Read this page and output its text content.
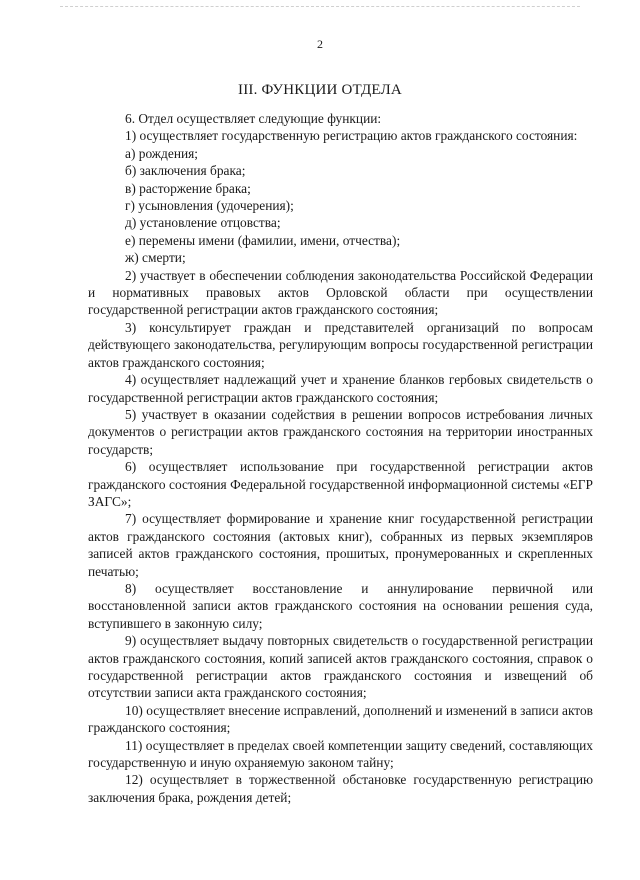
2
III. ФУНКЦИИ ОТДЕЛА

6. Отдел осуществляет следующие функции:

1) осуществляет государственную регистрацию актов гражданского состояния:

а) рождения;

б) заключения брака;

в) расторжение брака;

г) усыновления (удочерения);

д) установление отцовства;

е) перемены имени (фамилии, имени, отчества);

ж) смерти;

2) участвует в обеспечении соблюдения законодательства Российской Федерации и нормативных правовых актов Орловской области при осуществлении государственной регистрации актов гражданского состояния;

3) консультирует граждан и представителей организаций по вопросам действующего законодательства, регулирующим вопросы государственной регистрации актов гражданского состояния;

4) осуществляет надлежащий учет и хранение бланков гербовых свидетельств о государственной регистрации актов гражданского состояния;

5) участвует в оказании содействия в решении вопросов истребования личных документов о регистрации актов гражданского состояния на территории иностранных государств;

6) осуществляет использование при государственной регистрации актов гражданского состояния Федеральной государственной информационной системы «ЕГР ЗАГС»;

7) осуществляет формирование и хранение книг государственной регистрации актов гражданского состояния (актовых книг), собранных из первых экземпляров записей актов гражданского состояния, прошитых, пронумерованных и скрепленных печатью;

8) осуществляет восстановление и аннулирование первичной или восстановленной записи актов гражданского состояния на основании решения суда, вступившего в законную силу;

9) осуществляет выдачу повторных свидетельств о государственной регистрации актов гражданского состояния, копий записей актов гражданского состояния, справок о государственной регистрации актов гражданского состояния и извещений об отсутствии записи акта гражданского состояния;

10) осуществляет внесение исправлений, дополнений и изменений в записи актов гражданского состояния;

11) осуществляет в пределах своей компетенции защиту сведений, составляющих государственную и иную охраняемую законом тайну;

12) осуществляет в торжественной обстановке государственную регистрацию заключения брака, рождения детей;
